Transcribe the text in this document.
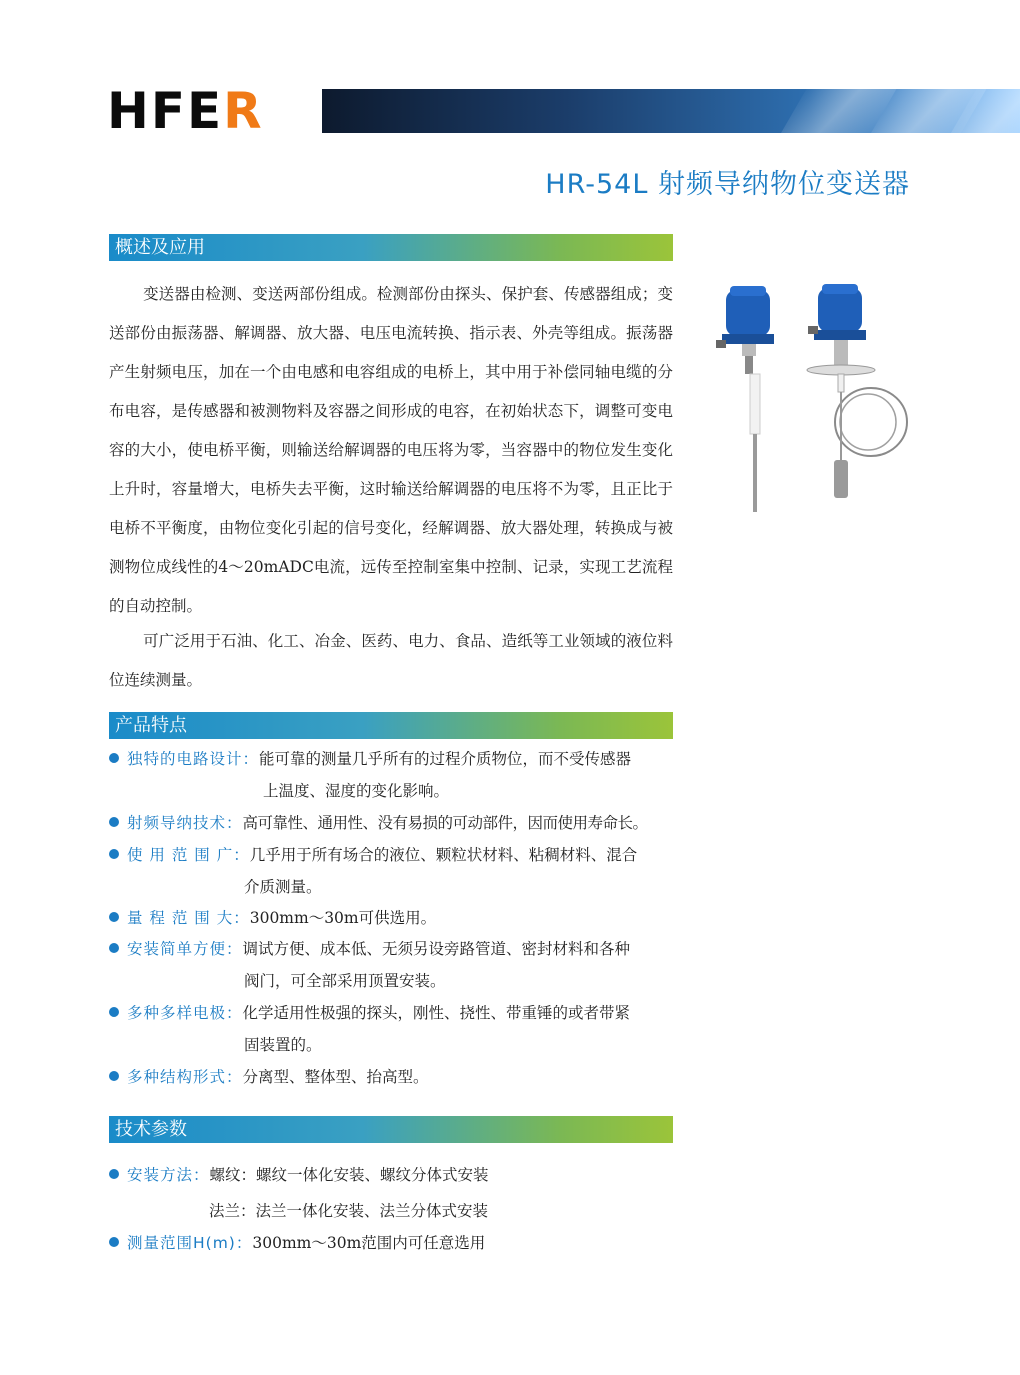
HFER
HR-54L 射频导纳物位变送器
概述及应用

变送器由检测、变送两部份组成。检测部份由探头、保护套、传感器组成；变送部份由振荡器、解调器、放大器、电压电流转换、指示表、外壳等组成。振荡器产生射频电压，加在一个由电感和电容组成的电桥上，其中用于补偿同轴电缆的分布电容，是传感器和被测物料及容器之间形成的电容，在初始状态下，调整可变电容的大小，使电桥平衡，则输送给解调器的电压将为零，当容器中的物位发生变化上升时，容量增大，电桥失去平衡，这时输送给解调器的电压将不为零，且正比于电桥不平衡度，由物位变化引起的信号变化，经解调器、放大器处理，转换成与被测物位成线性的4～20mADC电流，远传至控制室集中控制、记录，实现工艺流程的自动控制。

可广泛用于石油、化工、冶金、医药、电力、食品、造纸等工业领域的液位料位连续测量。

产品特点
独特的电路设计：能可靠的测量几乎所有的过程介质物位，而不受传感器
上温度、湿度的变化影响。
射频导纳技术：高可靠性、通用性、没有易损的可动部件，因而使用寿命长。
使 用 范 围 广：几乎用于所有场合的液位、颗粒状材料、粘稠材料、混合
介质测量。
量 程 范 围 大：300mm～30m可供选用。
安装简单方便：调试方便、成本低、无须另设旁路管道、密封材料和各种
阀门，可全部采用顶置安装。
多种多样电极：化学适用性极强的探头，刚性、挠性、带重锤的或者带紧
固装置的。
多种结构形式：分离型、整体型、抬高型。
技术参数
安装方法：螺纹：螺纹一体化安装、螺纹分体式安装
法兰：法兰一体化安装、法兰分体式安装
测量范围H(m)：300mm～30m范围内可任意选用
